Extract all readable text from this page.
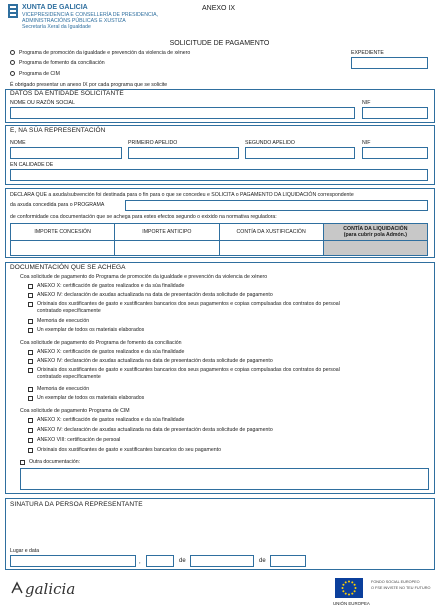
XUNTA DE GALICIA
VICEPRESIDENCIA E CONSELLERÍA DE PRESIDENCIA,
ADMINISTRACIÓNS PÚBLICAS E XUSTIZA
Secretaría Xeral da Igualdade
ANEXO IX
SOLICITUDE DE PAGAMENTO
Programa de promoción da igualdade e prevención da violencia de xénero
Programa de fomento da conciliación
Programa de CIM
É obrigado presentar un anexo IX por cada programa que se solicite
EXPEDIENTE
DATOS DA ENTIDADE SOLICITANTE
NOME OU RAZÓN SOCIAL	NIF
E, NA SÚA REPRESENTACIÓN
NOME	PRIMEIRO APELIDO	SEGUNDO APELIDO	NIF
EN CALIDADE DE
DECLARA QUE a axuda/subvención foi destinada para o fin para o que se concedeu e SOLICITA o PAGAMENTO DA LIQUIDACIÓN correspondente
da axuda concedida para o PROGRAMA
de conformidade coa documentación que se achega para estes efectos segundo o exixido na normativa reguladora:
IMPORTE CONCESIÓN	IMPORTE ANTICIPO	CONTÍA DA XUSTIFICACIÓN	CONTÍA DA LIQUIDACIÓN
(para cubrir pola Admón.)

DOCUMENTACIÓN QUE SE ACHEGA
Coa solicitude de pagamento do Programa de promoción da igualdade e prevención da violencia de xénero
ANEXO X: certificación de gastos realizados e da súa finalidade
ANEXO IV: declaración de axudas actualizada na data de presentación desta solicitude de pagamento
Orixinais dos xustificantes de gasto e xustificantes bancarios dos seus pagamentos e copias compulsadas dos contratos do persoal
contratado específicamente
Memoria de execución
Un exemplar de todos os materiais elaborados
Coa solicitude de pagamento do Programa de fomento da conciliación
ANEXO X: certificación de gastos realizados e da súa finalidade
ANEXO IV: declaración de axudas actualizada na data de presentación desta solicitude de pagamento
Orixinais dos xustificantes de gasto e xustificantes bancarios dos seus pagamentos e copias compulsadas dos contratos do persoal
contratado específicamente
Memoria de execución
Un exemplar de todos os materiais elaborados
Coa solicitude de pagamento Programa de CIM
ANEXO X: certificación de gastos realizados e da súa finalidade
ANEXO IV: declaración de axudas actualizada na data de presentación desta solicitude de pagamento
ANEXO VIII: certificación de persoal
Orixinais dos xustificantes de gasto e xustificantes bancarios do seu pagamento
Outra documentación:
SINATURA DA PERSOA REPRESENTANTE
Lugar e data
,	de	de
galicia
UNIÓN EUROPEA
FONDO SOCIAL EUROPEO
O FSE INVISTE NO TEU FUTURO
